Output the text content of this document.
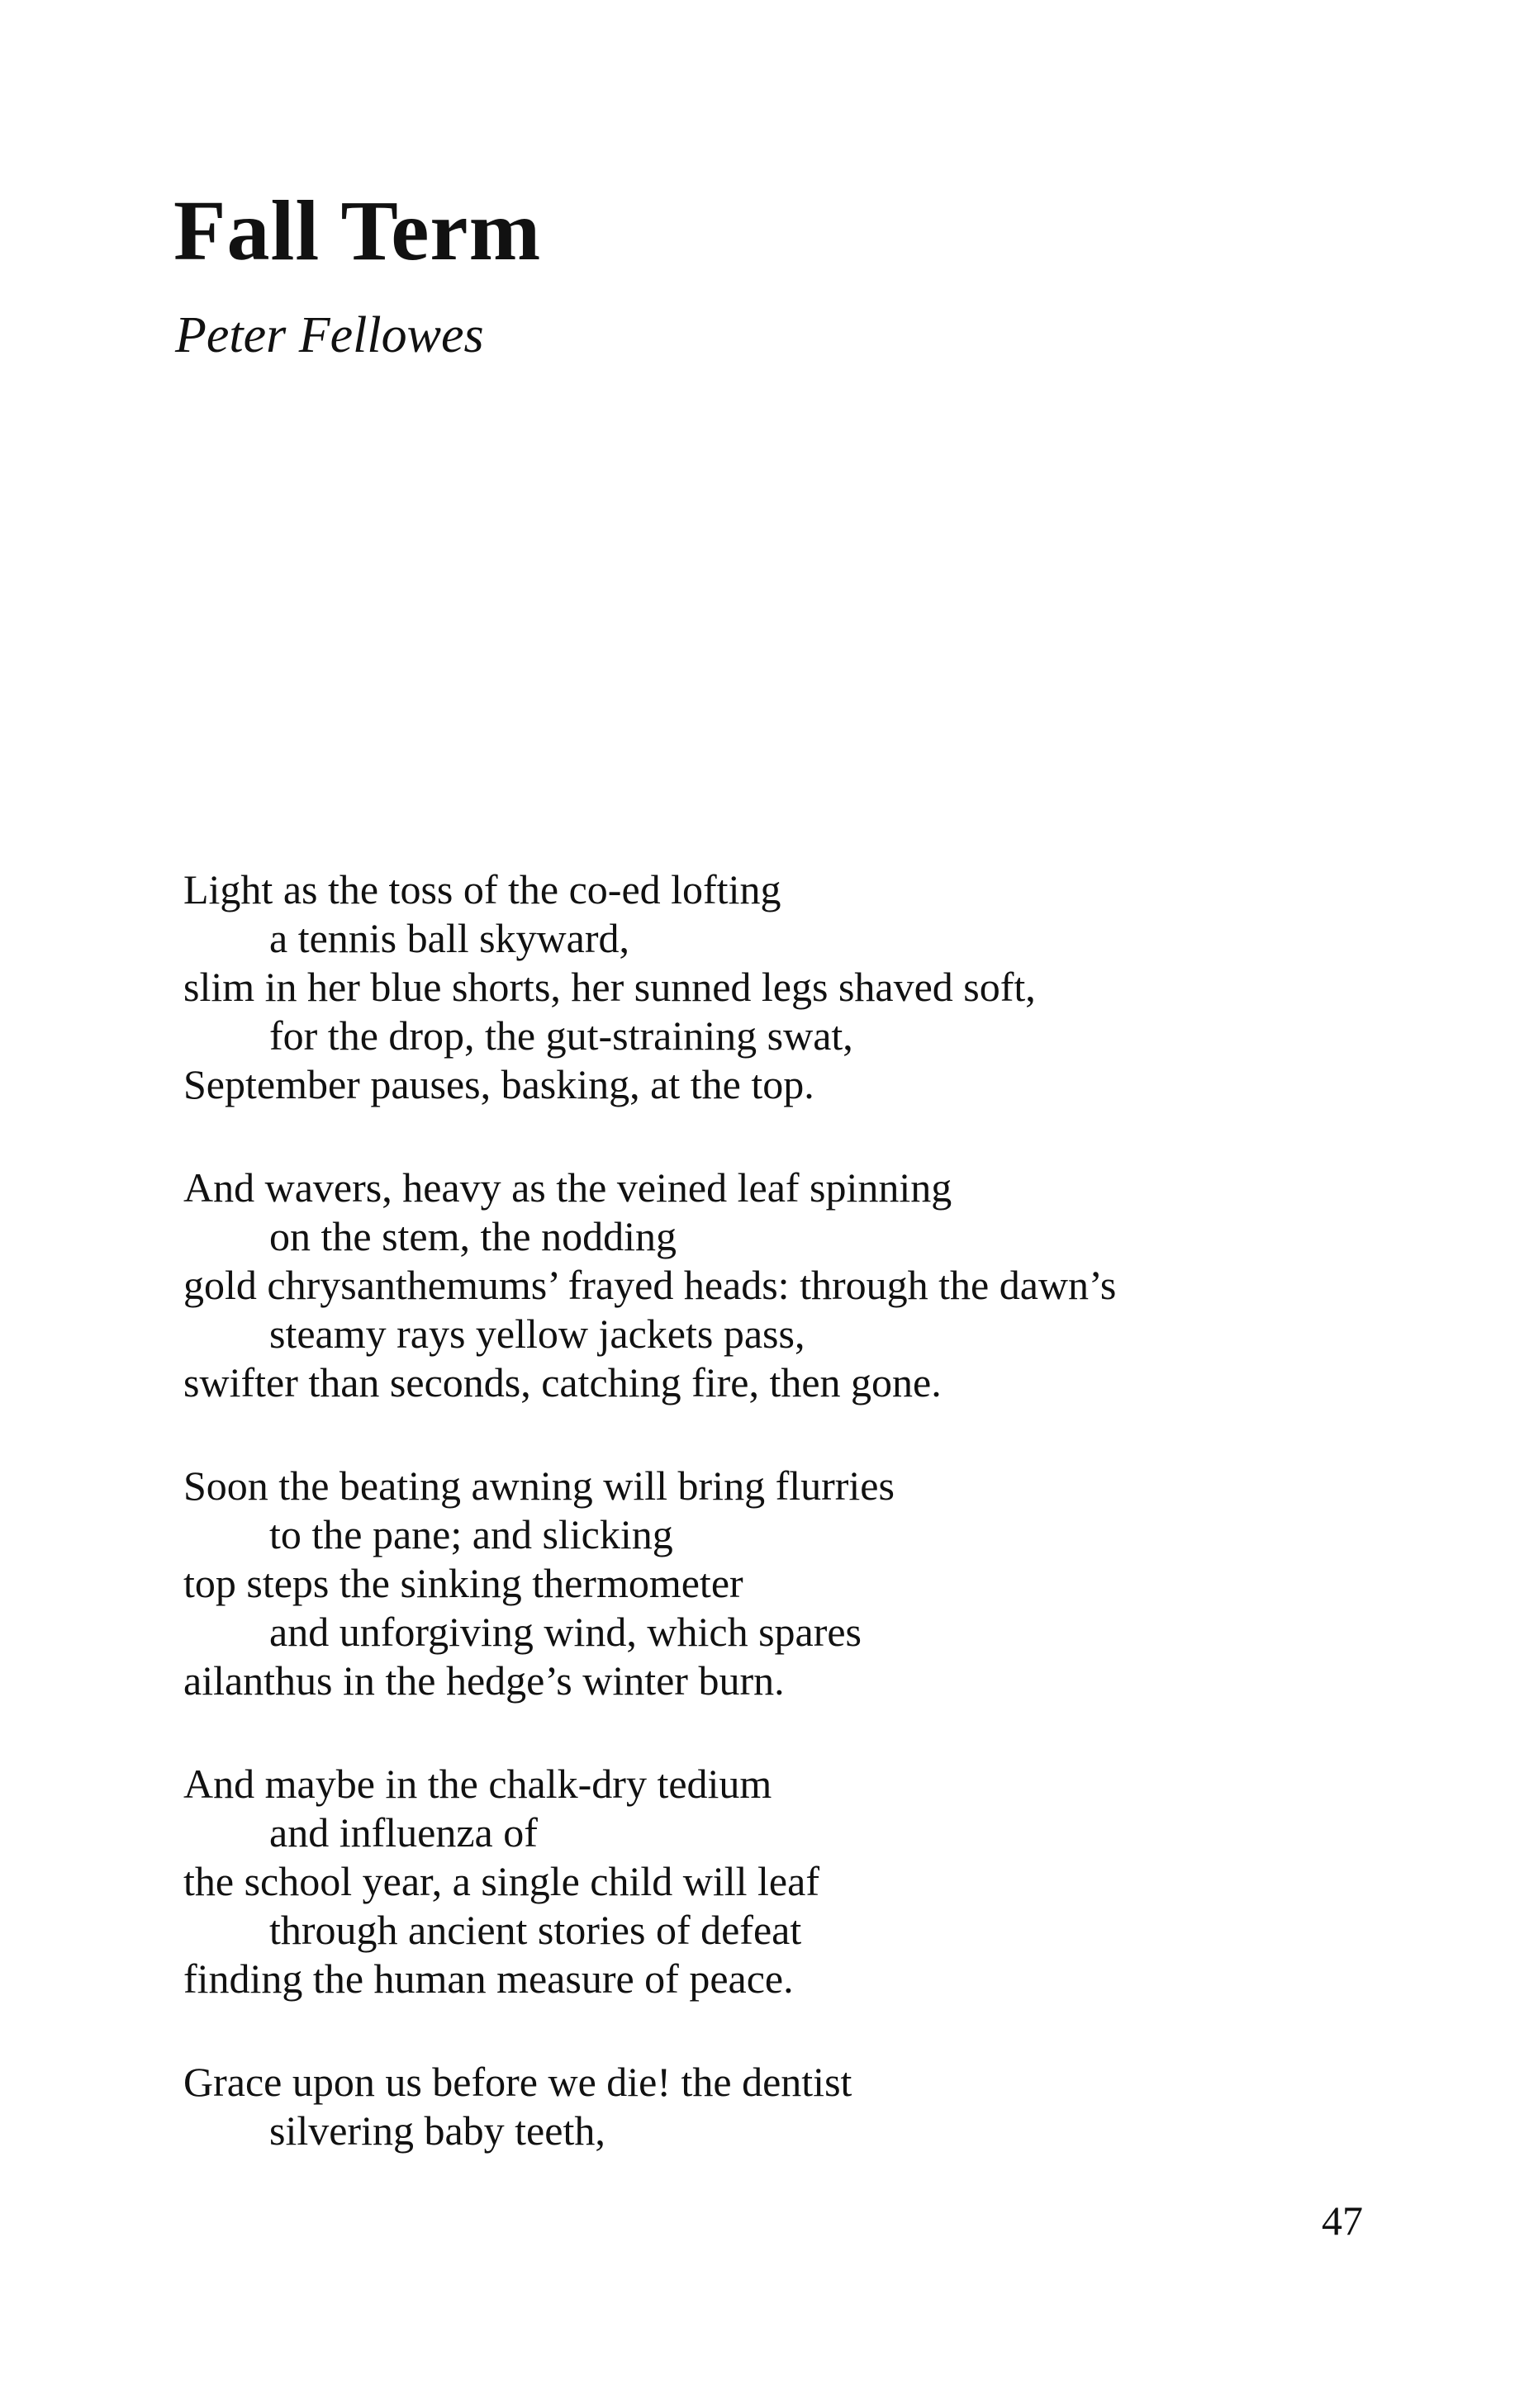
Fall Term

Peter Fellowes

Light as the toss of the co-ed lofting
a tennis ball skyward,
slim in her blue shorts, her sunned legs shaved soft,
for the drop, the gut-straining swat,
September pauses, basking, at the top.
And wavers, heavy as the veined leaf spinning
on the stem, the nodding
gold chrysanthemums’ frayed heads: through the dawn’s
steamy rays yellow jackets pass,
swifter than seconds, catching fire, then gone.
Soon the beating awning will bring flurries
to the pane; and slicking
top steps the sinking thermometer
and unforgiving wind, which spares
ailanthus in the hedge’s winter burn.
And maybe in the chalk-dry tedium
and influenza of
the school year, a single child will leaf
through ancient stories of defeat
finding the human measure of peace.
Grace upon us before we die! the dentist
silvering baby teeth,
47
